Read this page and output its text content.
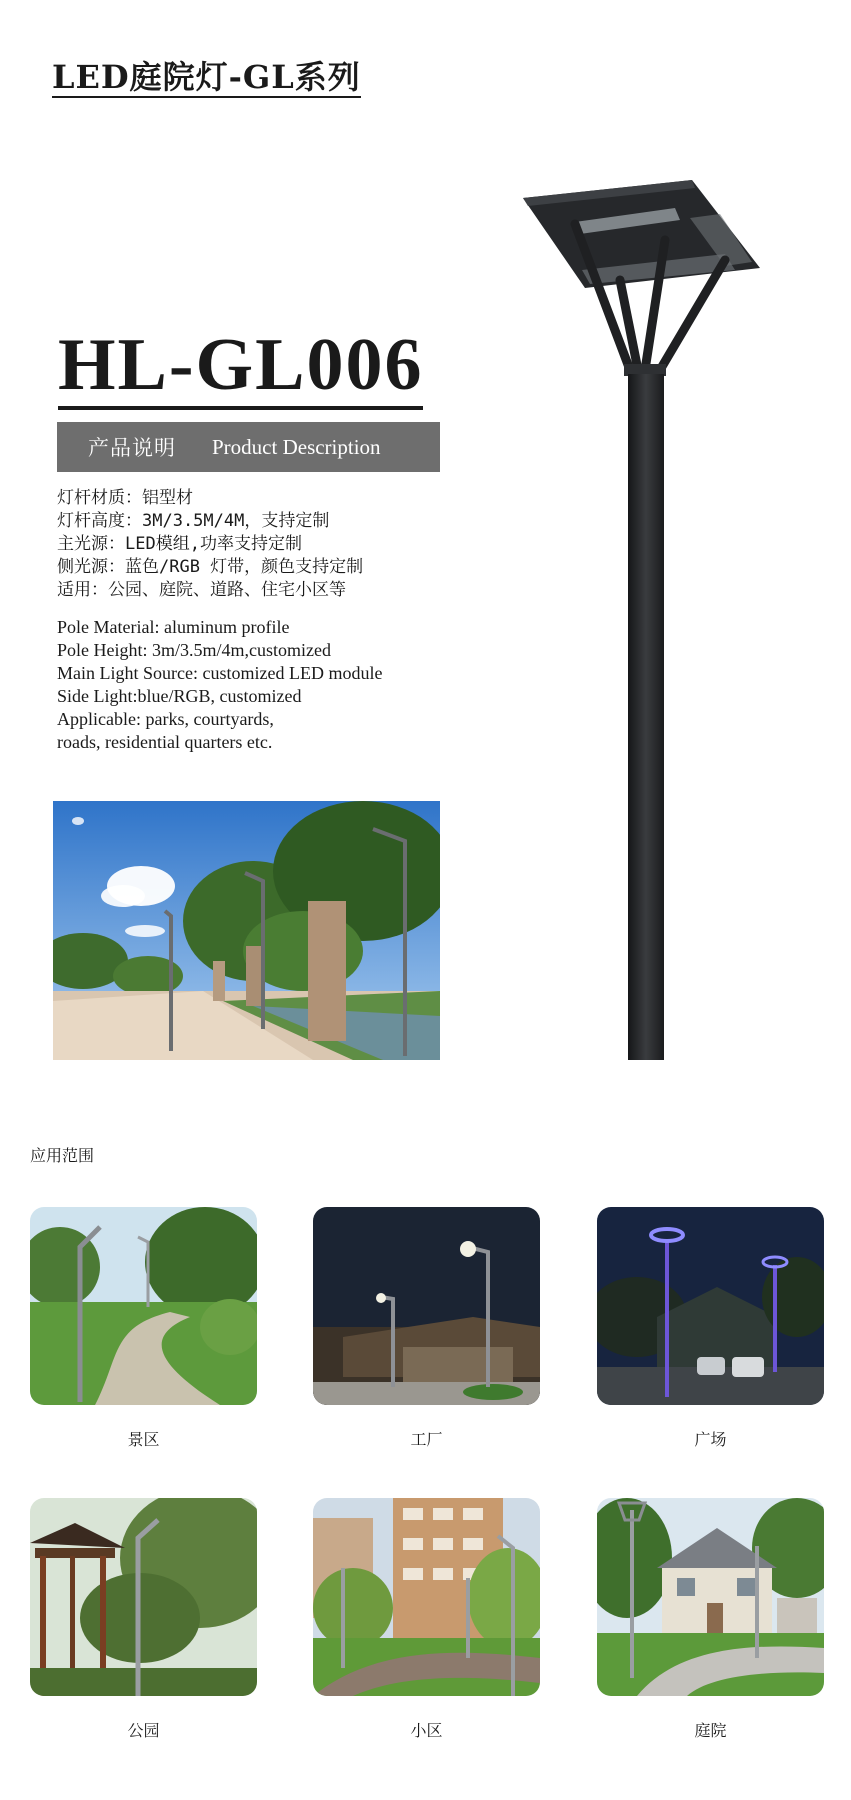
LED庭院灯-GL系列
HL-GL006
产品说明 Product Description
灯杆材质：铝型材
灯杆高度：3M/3.5M/4M，支持定制
主光源：LED模组,功率支持定制
侧光源：蓝色/RGB 灯带，颜色支持定制
适用：公园、庭院、道路、住宅小区等
Pole Material: aluminum profile
Pole Height: 3m/3.5m/4m,customized
Main Light Source: customized LED module
Side Light:blue/RGB, customized
Applicable: parks, courtyards,
roads, residential quarters etc.
应用范围
景区	工厂	广场
公园	小区	庭院
